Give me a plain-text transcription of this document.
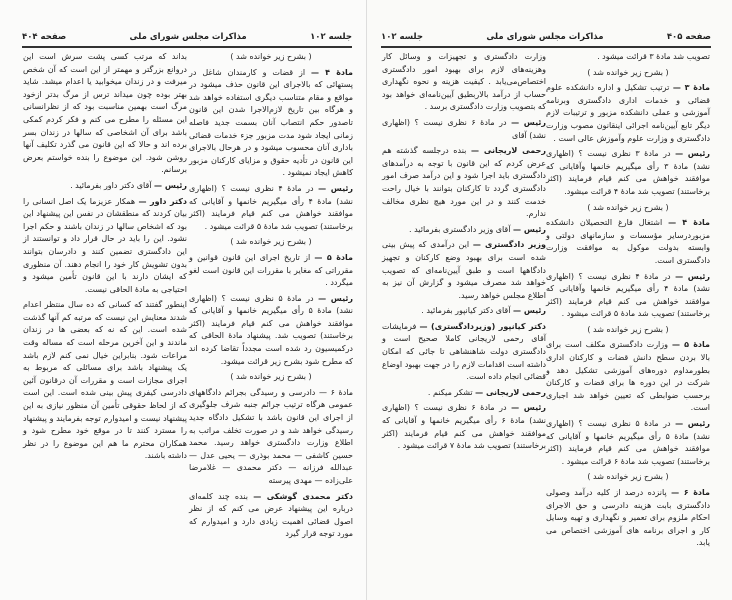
جلسه ۱۰۲
مذاکرات مجلس شورای ملی
صفحه ۴۰۴

( بشرح زیر خوانده شد )

مادهٔ ۴ — از قضات و کارمندان شاغل در پستهائی که بالاجرای این قانون حذف میشود در مواقع و مقام متناسب دیگری استفاده خواهد شد و هرگاه بین تاریخ لازم‌الاجرا شدن این قانون تاصدور حکم انتصاب آنان بسمت جدید فاصله زمانی ایجاد شود مدت مزبور جزء خدمات قضائی باداری آنان محسوب میشود و در هرحال بالاجرای این قانون در تأدیه حقوق و مزایای کارکنان مزبور کاهش ایجاد نمیشود .

رئیس — در مادهٔ ۴ نظری نیست ؟ (اظهاری نشد) مادهٔ ۴ رأی میگیریم خانمها و آقایانی که موافقند خواهش می کنم قیام فرمایند (اکثر برخاستند) تصویب شد مادهٔ ۵ قرائت میشود .

( بشرح زیر خوانده شد )

مادهٔ ۵ — از تاریخ اجرای این قانون قوانین و مقرراتی که مغایر با مقررات این قانون است لغو میگردد .

رئیس — در مادهٔ ۵ نظری نیست ؟ (اظهاری نشد) مادهٔ ۵ رأی میگیریم خانمها و آقایانی که موافقند خواهش می کنم قیام فرمایند (اکثر برخاستند) تصویب شد. پیشنهاد مادهٔ الحاقی که درکمیسیون رد شده است مجدداً تقاضا کرده اند که مطرح شود بشرح زیر قرائت میشود.

( بشرح زیر خوانده شد )

مادهٔ ۶ — دادرسی و رسیدگی بجرائم دادگاههای عمومی هرگاه ترتیب جرائم جنبه شرف جلوگیری از اجرای این قانون باشد با تشکیل دادگاه جدید رسیدگی خواهد شد و در صورت تخلف مراتب به اطلاع وزارت دادگستری خواهد رسید. محمد حسین کاشفی — محمد بوذری — یحیی عدل — عبدالله فرزانه — دکتر محمدی — غلامرضا علی‌زاده — مهدی پیرسته

دکتر محمدی گوشکی — بنده چند کلمه‌ای درباره این پیشنهاد عرض می کنم که از نظر اصول قضائی اهمیت زیادی دارد و امیدوارم که مورد توجه قرار گیرد

بداند که مرتب کسی پشت سرش است این دروانع بزرگتر و مهمتر از این است که آن شخص میرفت و در زندان میخوابید یا اعدام میشد. شاید بهتر بوده چون میداند ترس از مرگ بدتر ازخود مرگ است بهمین مناسبت بود که از نظرانسانی این مسئله را مطرح می کنم و فکر کردم کمکی باشد برای آن اشخاصی که سالها در زندان بسر برده اند و حالا که این قانون می گذرد تکلیف آنها روشن شود. این موضوع را بنده خواستم بعرض برسانم.

رئیس — آقای دکتر داور بفرمائید .

دکتر داور — همکار عزیزما یک اصل انسانی را بیان کردند که منطقشان در نفس این پیشنهاد این بود که اشخاص سالها در زندان باشند و حکم اجرا نشود. این را باید در حال قرار داد و توانستند از این دادگستری تضمین کنند و دادرسان بتوانند بدون تشویش کار خود را انجام دهند. آن منظوری که ایشان دارند با این قانون تأمین میشود و احتیاجی به مادهٔ الحاقی نیست.

اینطور گفتند که کسانی که ده سال منتظر اعدام شدند معنایش این نیست که مرتبه کم آنها گذشت شده است. این که نه که بعضی ها در زندان ماندند و این آخرین مرحله است که مساله وقت مراعات شود. بنابراین خیال نمی کنم لازم باشد یک پیشنهاد باشد برای مسائلی که مربوط به اجرای مجازات است و مقررات آن درقانون آئین دادرسی کیفری پیش بینی شده است. این است که از لحاظ حقوقی تأمین آن منظور نیازی به این پیشنهاد نیست و امیدوارم توجه بفرمایند و پیشنهاد را مسترد کنند تا در موقع خود مطرح شود و همکاران محترم ما هم این موضوع را در نظر داشته باشند.

صفحه ۴۰۵
مذاکرات مجلس شورای ملی
جلسه ۱۰۲

تصویب شد مادهٔ ۳ قرائت میشود .

( بشرح زیر خوانده شد )

مادهٔ ۳ — ترتیب تشکیل و اداره دانشکده علوم قضائی و خدمات اداری دادگستری وبرنامه آموزشی و عملی دانشکده مزبور و ترتیبات لازم دیگر تابع آیین‌نامه اجرائی اینقانون مصوب وزارت دادگستری و وزارت علوم وآموزش عالی است .

رئیس — در مادهٔ ۳ نظری نیست ؟ (اظهاری نشد) مادهٔ ۳ رأی میگیریم خانمها وآقایانی که موافقند خواهش می کنم قیام فرمایند (اکثر برخاستند) تصویب شد مادهٔ ۴ قرائت میشود.

( بشرح زیر خوانده شد )

مادهٔ ۴ — اشتغال فارغ التحصیلان دانشکده مزبوردرسایر مؤسسات و سازمانهای دولتی و وابسته بدولت موکول به موافقت وزارت دادگستری است.

رئیس — در مادهٔ ۴ نظری نیست ؟ (اظهاری نشد) مادهٔ ۴ رأی میگیریم خانمها وآقایانی که موافقند خواهش می کنم قیام فرمایند (اکثر برخاستند) تصویب شد مادهٔ ۵ قرائت میشود .

( بشرح زیر خوانده شد )

مادهٔ ۵ — وزارت دادگستری مکلف است برای بالا بردن سطح دانش قضات و کارکنان اداری بطورمداوم دوره‌های آموزشی تشکیل دهد و شرکت در این دوره ها برای قضات و کارکنان برحسب ضوابطی که تعیین خواهد شد اجباری است.

رئیس — در مادهٔ ۵ نظری نیست ؟ (اظهاری نشد) مادهٔ ۵ رأی میگیریم خانمها و آقایانی که موافقند خواهش می کنم قیام فرمایند (اکثر برخاستند) تصویب شد مادهٔ ۶ قرائت میشود .

( بشرح زیر خوانده شد )

مادهٔ ۶ — پانزده درصد از کلیه درآمد وصولی دادگستری بابت هزینه دادرسی و حق الاجرای احکام ملزوم برای تعمیر و نگهداری و تهیه وسایل کار و اجرای برنامه های آموزشی اختصاص می یابد.

وزارت دادگستری و تجهیزات و وسائل کار وهزینه‌های لازم برای بهبود امور دادگستری اختصاص‌می‌یابد . کیفیت هزینه و نحوه نگهداری حساب از درآمد بالاربطیق آیین‌نامه‌ای خواهد بود که بتصویب وزارت دادگستری برسد .

رئیس — در مادهٔ ۶ نظری نیست ؟ (اظهاری نشد) آقای

رحمی لاریجانی — بنده درجلسه گذشته هم عرض کردم که این قانون با توجه به درآمدهای دادگستری باید اجرا شود و این درآمد صرف امور دادگستری گردد تا کارکنان بتوانند با خیال راحت خدمت کنند و در این مورد هیچ نظری مخالف ندارم.

رئیس — آقای وزیر دادگستری بفرمائید .

وزیر دادگستری — این درآمدی که پیش بینی شده است برای بهبود وضع کارکنان و تجهیز دادگاهها است و طبق آیین‌نامه‌ای که تصویب خواهد شد مصرف میشود و گزارش آن نیز به اطلاع مجلس خواهد رسید.

رئیس — آقای دکتر کیانپور بفرمائید .

دکتر کیانپور (وزیردادگستری) — فرمایشات آقای رحمی لاریجانی کاملا صحیح است و دادگستری دولت شاهنشاهی تا جائی که امکان داشته است اقدامات لازم را در جهت بهبود اوضاع قضائی انجام داده است.

رحمی لاریجانی — تشکر میکنم .

رئیس — در مادهٔ ۶ نظری نیست ؟ (اظهاری نشد) مادهٔ ۶ رأی میگیریم خانمها و آقایانی که موافقند خواهش می کنم قیام فرمایند (اکثر برخاستند) تصویب شد مادهٔ ۷ قرائت میشود .
